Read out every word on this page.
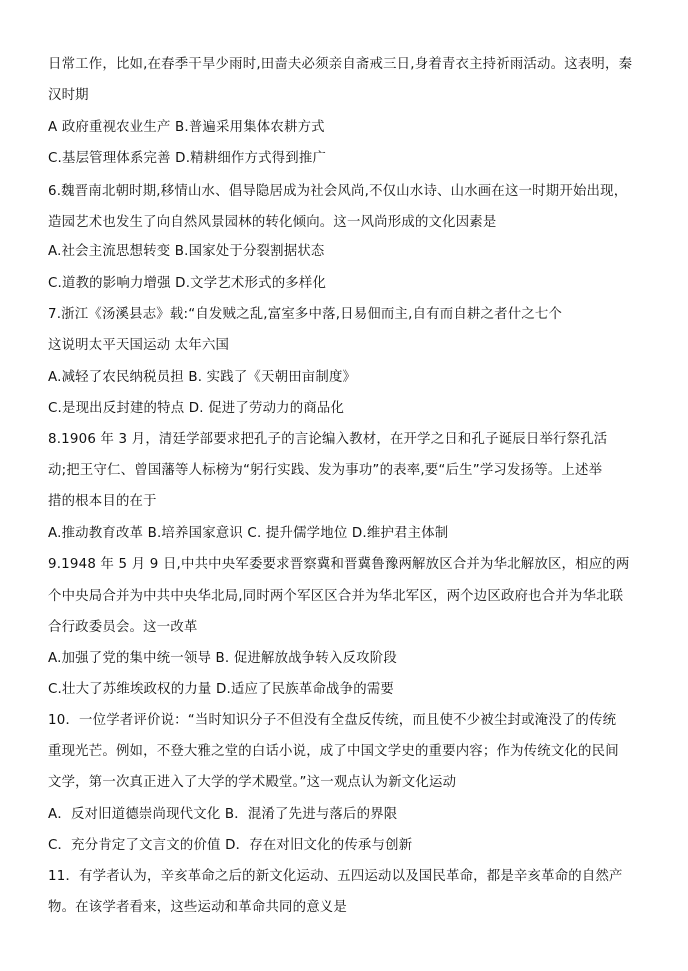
日常工作，比如,在春季干旱少雨时,田啬夫必须亲自斋戒三日,身着青衣主持祈雨活动。这表明，秦
汉时期
A 政府重视农业生产 B.普遍采用集体农耕方式
C.基层管理体系完善 D.精耕细作方式得到推广
6.魏晋南北朝时期,移情山水、倡导隐居成为社会风尚,不仅山水诗、山水画在这一时期开始出现，
造园艺术也发生了向自然风景园林的转化倾向。这一风尚形成的文化因素是
A.社会主流思想转变 B.国家处于分裂割据状态
C.道教的影响力增强 D.文学艺术形式的多样化
7.浙江《汤溪县志》载:“自发贼之乱,富室多中落,日易佃而主,自有而自耕之者什之七个
这说明太平天国运动 太年六国
A.减轻了农民纳税员担 B. 实践了《天朝田亩制度》
C.是现出反封建的特点 D. 促进了劳动力的商品化
8.1906 年 3 月，清廷学部要求把孔子的言论编入教材，在开学之日和孔子诞辰日举行祭孔活
动;把王守仁、曾国藩等人标榜为“躬行实践、发为事功”的表率,要“后生”学习发扬等。上述举
措的根本目的在于
A.推动教育改革 B.培养国家意识 C. 提升儒学地位 D.维护君主体制
9.1948 年 5 月 9 日,中共中央军委要求晋察冀和晋冀鲁豫两解放区合并为华北解放区，相应的两
个中央局合并为中共中央华北局,同时两个军区区合并为华北军区，两个边区政府也合并为华北联
合行政委员会。这一改革
A.加强了党的集中统一领导 B. 促进解放战争转入反攻阶段
C.壮大了苏维埃政权的力量 D.适应了民族革命战争的需要
10．一位学者评价说：“当时知识分子不但没有全盘反传统，而且使不少被尘封或淹没了的传统
重现光芒。例如，不登大雅之堂的白话小说，成了中国文学史的重要内容；作为传统文化的民间
文学，第一次真正进入了大学的学术殿堂。”这一观点认为新文化运动
A．反对旧道德崇尚现代文化 B．混淆了先进与落后的界限
C．充分肯定了文言文的价值 D．存在对旧文化的传承与创新
11．有学者认为，辛亥革命之后的新文化运动、五四运动以及国民革命，都是辛亥革命的自然产
物。在该学者看来，这些运动和革命共同的意义是
